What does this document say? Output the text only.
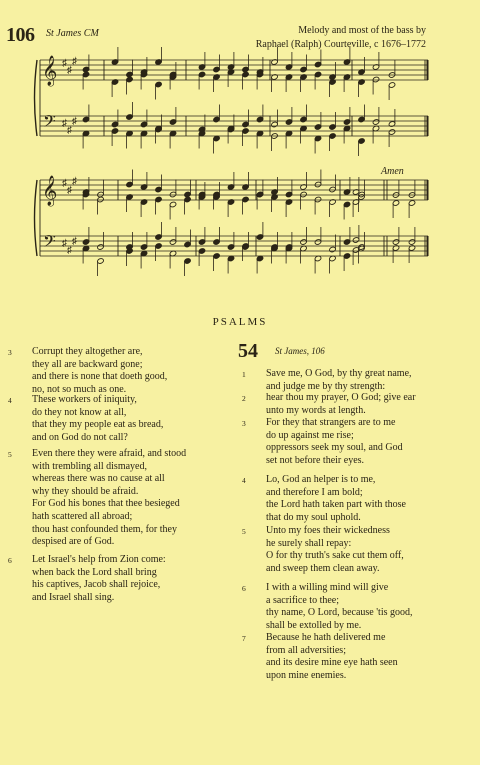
106 St James CM	Melody and most of the bass by
Raphael (Ralph) Courteville, c 1676–1772
Amen
𝄞
𝄢
♯
♯
♯
♯
♯
♯
𝄞
𝄢
♯
♯
♯
♯
♯
♯
PSALMS
3 Corrupt they altogether are,
they all are backward gone;
and there is none that doeth good,
no, not so much as one.
4 These workers of iniquity,
do they not know at all,
that they my people eat as bread,
and on God do not call?
5 Even there they were afraid, and stood
with trembling all dismayed,
whereas there was no cause at all
why they should be afraid.
For God his bones that thee besieged
hath scattered all abroad;
thou hast confounded them, for they
despised are of God.
6 Let Israel's help from Zion come:
when back the Lord shall bring
his captives, Jacob shall rejoice,
and Israel shall sing.
54 St James, 106
1 Save me, O God, by thy great name,
and judge me by thy strength:
2 hear thou my prayer, O God; give ear
unto my words at length.
3 For they that strangers are to me
do up against me rise;
oppressors seek my soul, and God
set not before their eyes.
4 Lo, God an helper is to me,
and therefore I am bold;
the Lord hath taken part with those
that do my soul uphold.
5 Unto my foes their wickedness
he surely shall repay:
O for thy truth's sake cut them off,
and sweep them clean away.
6 I with a willing mind will give
a sacrifice to thee;
thy name, O Lord, because 'tis good,
shall be extolled by me.
7 Because he hath delivered me
from all adversities;
and its desire mine eye hath seen
upon mine enemies.
